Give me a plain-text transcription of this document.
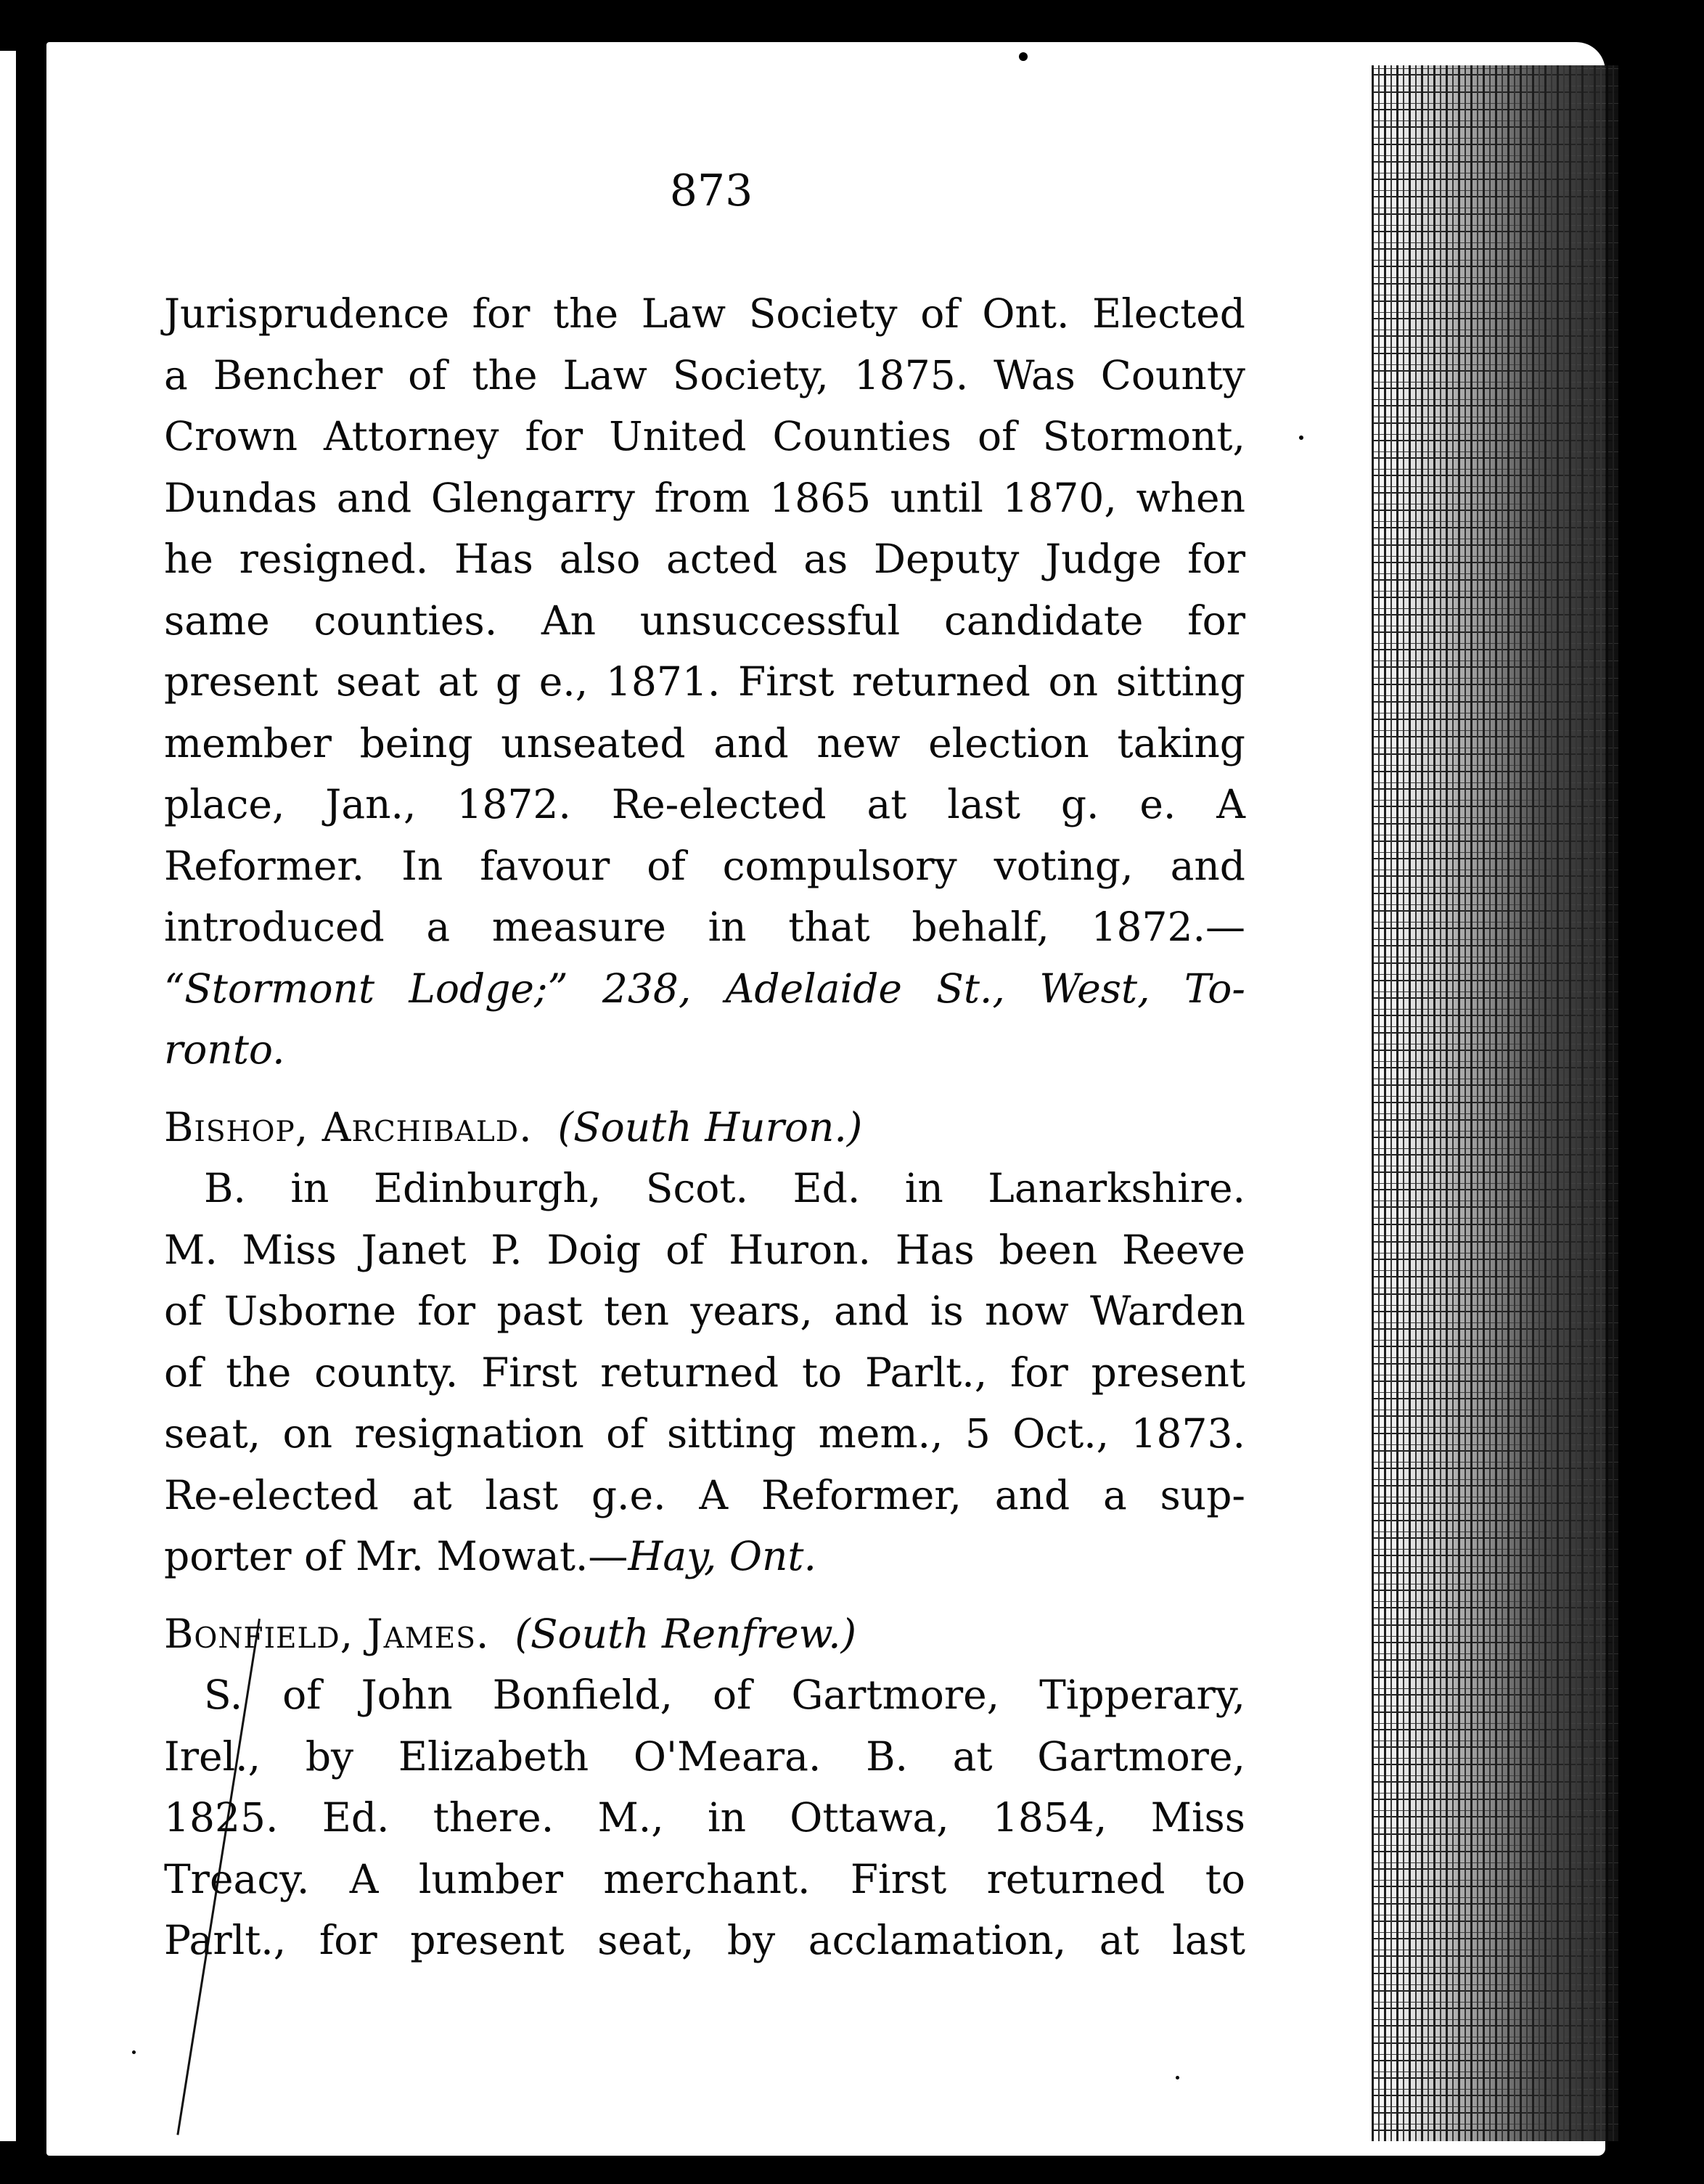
873
Jurisprudence for the Law Society of Ont. Elected
a Bencher of the Law Society, 1875. Was County
Crown Attorney for United Counties of Stormont,
Dundas and Glengarry from 1865 until 1870, when
he resigned. Has also acted as Deputy Judge for
same counties. An unsuccessful candidate for
present seat at g e., 1871. First returned on sitting
member being unseated and new election taking
place, Jan., 1872. Re-elected at last g. e. A
Reformer. In favour of compulsory voting, and
introduced a measure in that behalf, 1872.—
“Stormont Lodge;” 238, Adelaide St., West, To-
ronto.
Bishop, Archibald. (South Huron.)
B. in Edinburgh, Scot. Ed. in Lanarkshire.
M. Miss Janet P. Doig of Huron. Has been Reeve
of Usborne for past ten years, and is now Warden
of the county. First returned to Parlt., for present
seat, on resignation of sitting mem., 5 Oct., 1873.
Re-elected at last g.e. A Reformer, and a sup-
porter of Mr. Mowat.—Hay, Ont.
Bonfield, James. (South Renfrew.)
S. of John Bonfield, of Gartmore, Tipperary,
Irel., by Elizabeth O'Meara. B. at Gartmore,
1825. Ed. there. M., in Ottawa, 1854, Miss
Treacy. A lumber merchant. First returned to
Parlt., for present seat, by acclamation, at last
